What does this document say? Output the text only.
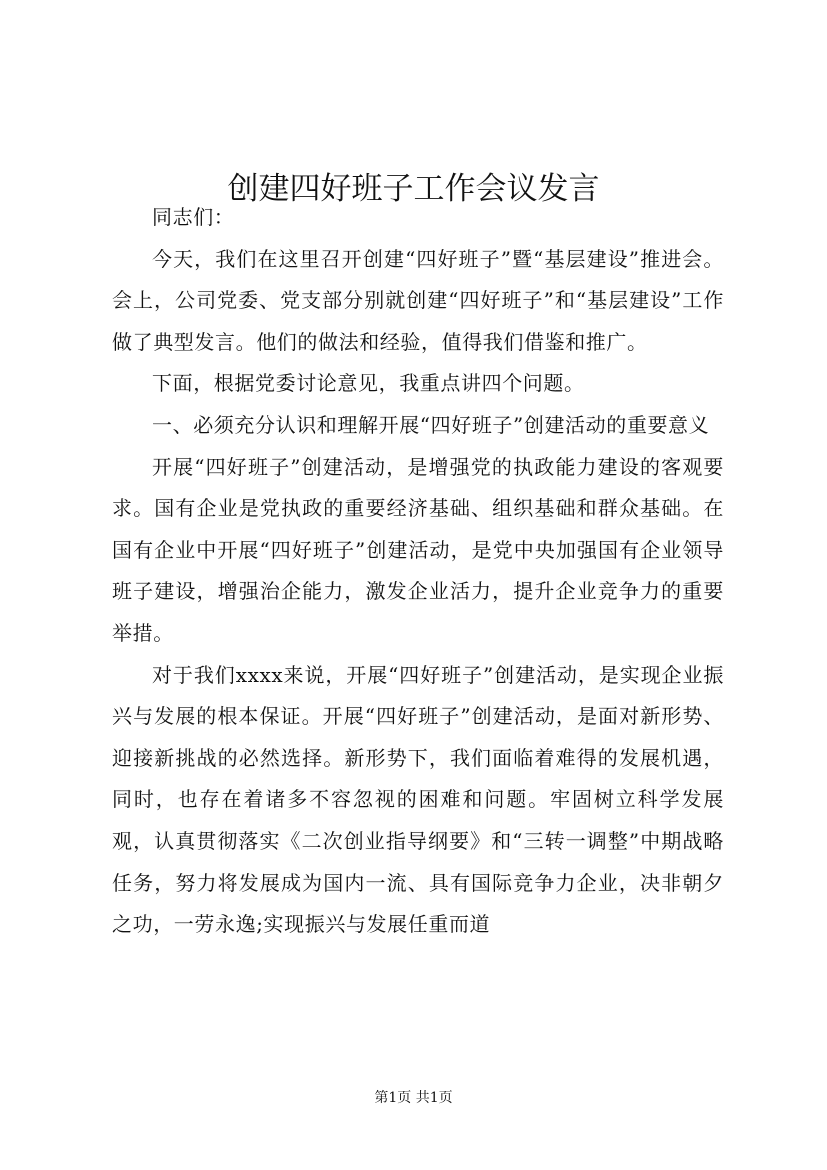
创建四好班子工作会议发言

同志们：

今天，我们在这里召开创建“四好班子”暨“基层建设”推进会。会上，公司党委、党支部分别就创建“四好班子”和“基层建设”工作做了典型发言。他们的做法和经验，值得我们借鉴和推广。

下面，根据党委讨论意见，我重点讲四个问题。

一、必须充分认识和理解开展“四好班子”创建活动的重要意义

开展“四好班子”创建活动，是增强党的执政能力建设的客观要求。国有企业是党执政的重要经济基础、组织基础和群众基础。在国有企业中开展“四好班子”创建活动，是党中央加强国有企业领导班子建设，增强治企能力，激发企业活力，提升企业竞争力的重要举措。

对于我们xxxx来说，开展“四好班子”创建活动，是实现企业振兴与发展的根本保证。开展“四好班子”创建活动，是面对新形势、迎接新挑战的必然选择。新形势下，我们面临着难得的发展机遇，同时，也存在着诸多不容忽视的困难和问题。牢固树立科学发展观，认真贯彻落实《二次创业指导纲要》和“三转一调整”中期战略任务，努力将发展成为国内一流、具有国际竞争力企业，决非朝夕之功，一劳永逸;实现振兴与发展任重而道

第1页 共1页
